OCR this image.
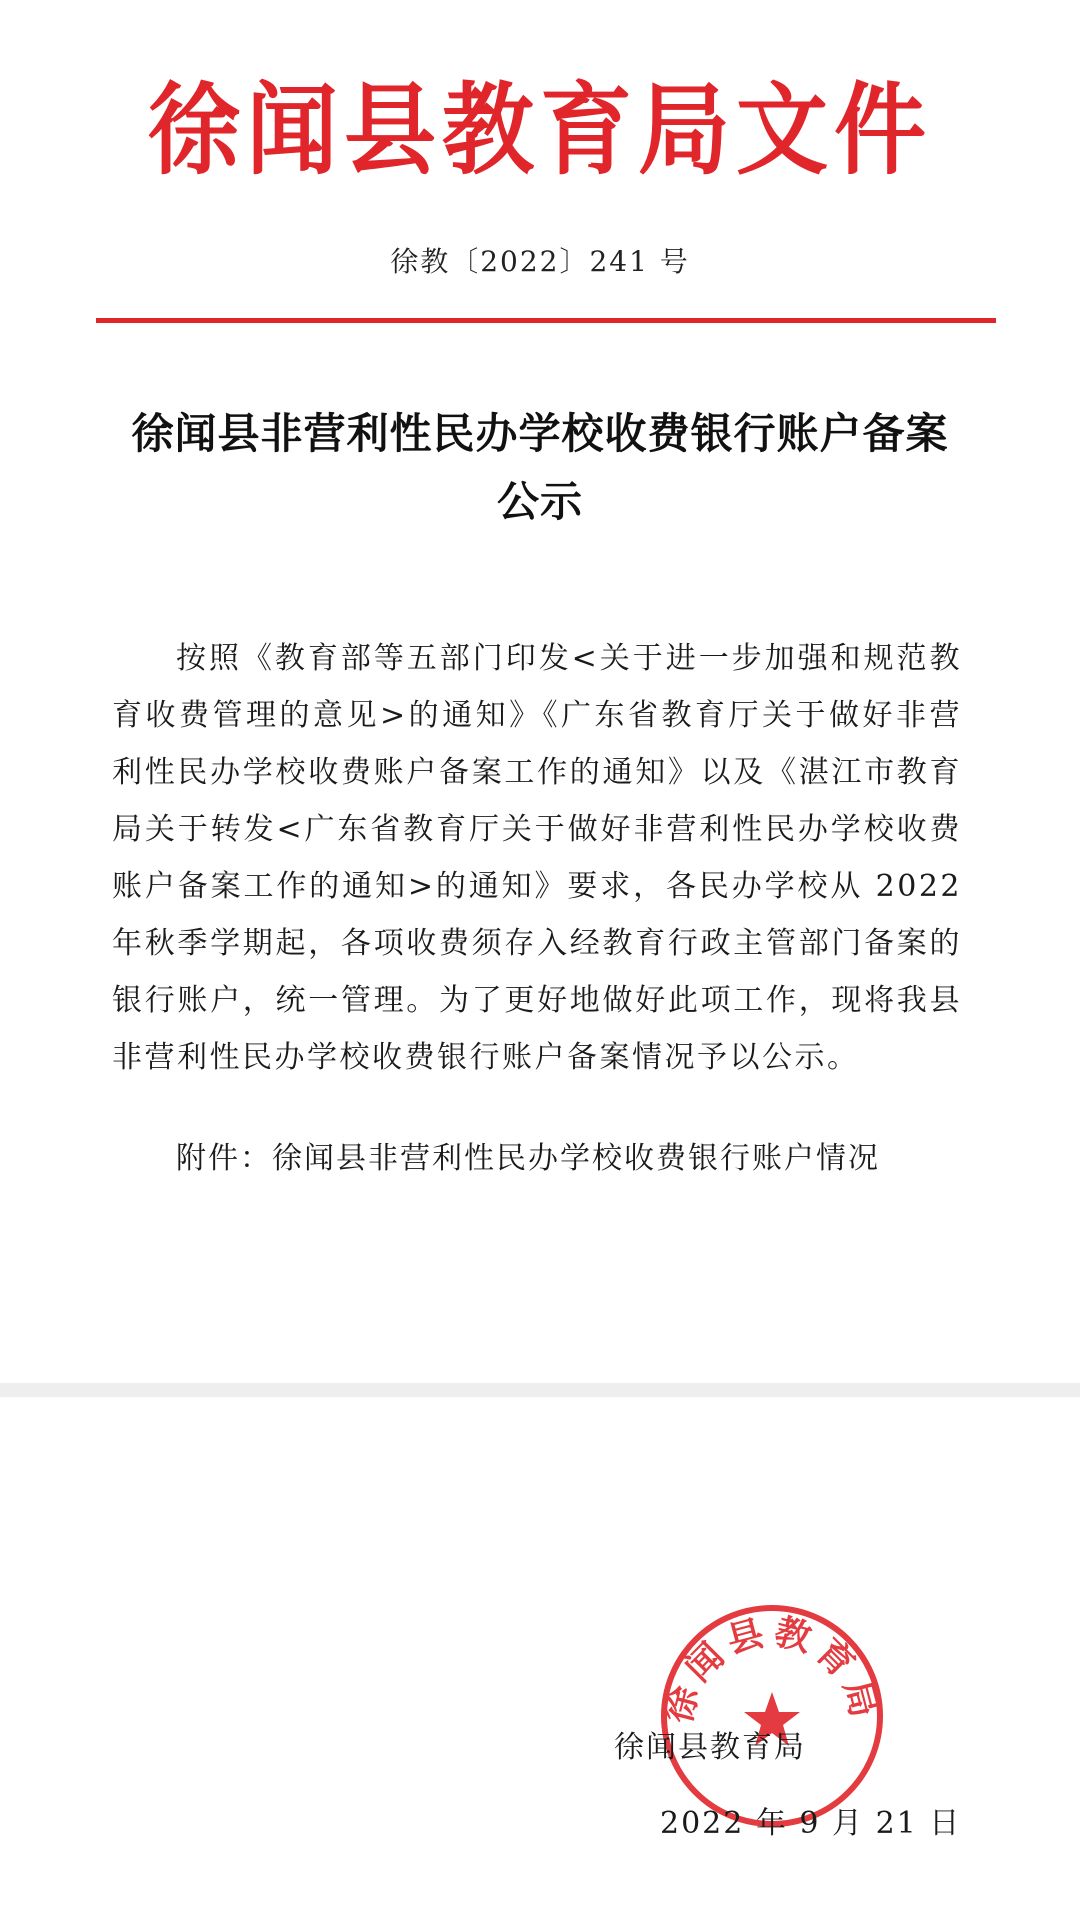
徐闻县教育局文件
徐教〔2022〕241 号
徐闻县非营利性民办学校收费银行账户备案
公示
按照《教育部等五部门印发<关于进一步加强和规范教育收费管理的意见>的通知》《广东省教育厅关于做好非营利性民办学校收费账户备案工作的通知》以及《湛江市教育局关于转发<广东省教育厅关于做好非营利性民办学校收费账户备案工作的通知>的通知》要求，各民办学校从 2022 年秋季学期起，各项收费须存入经教育行政主管部门备案的银行账户，统一管理。为了更好地做好此项工作，现将我县非营利性民办学校收费银行账户备案情况予以公示。
附件：徐闻县非营利性民办学校收费银行账户情况
徐闻县教育局
徐闻县教育局
2022 年 9 月 21 日
